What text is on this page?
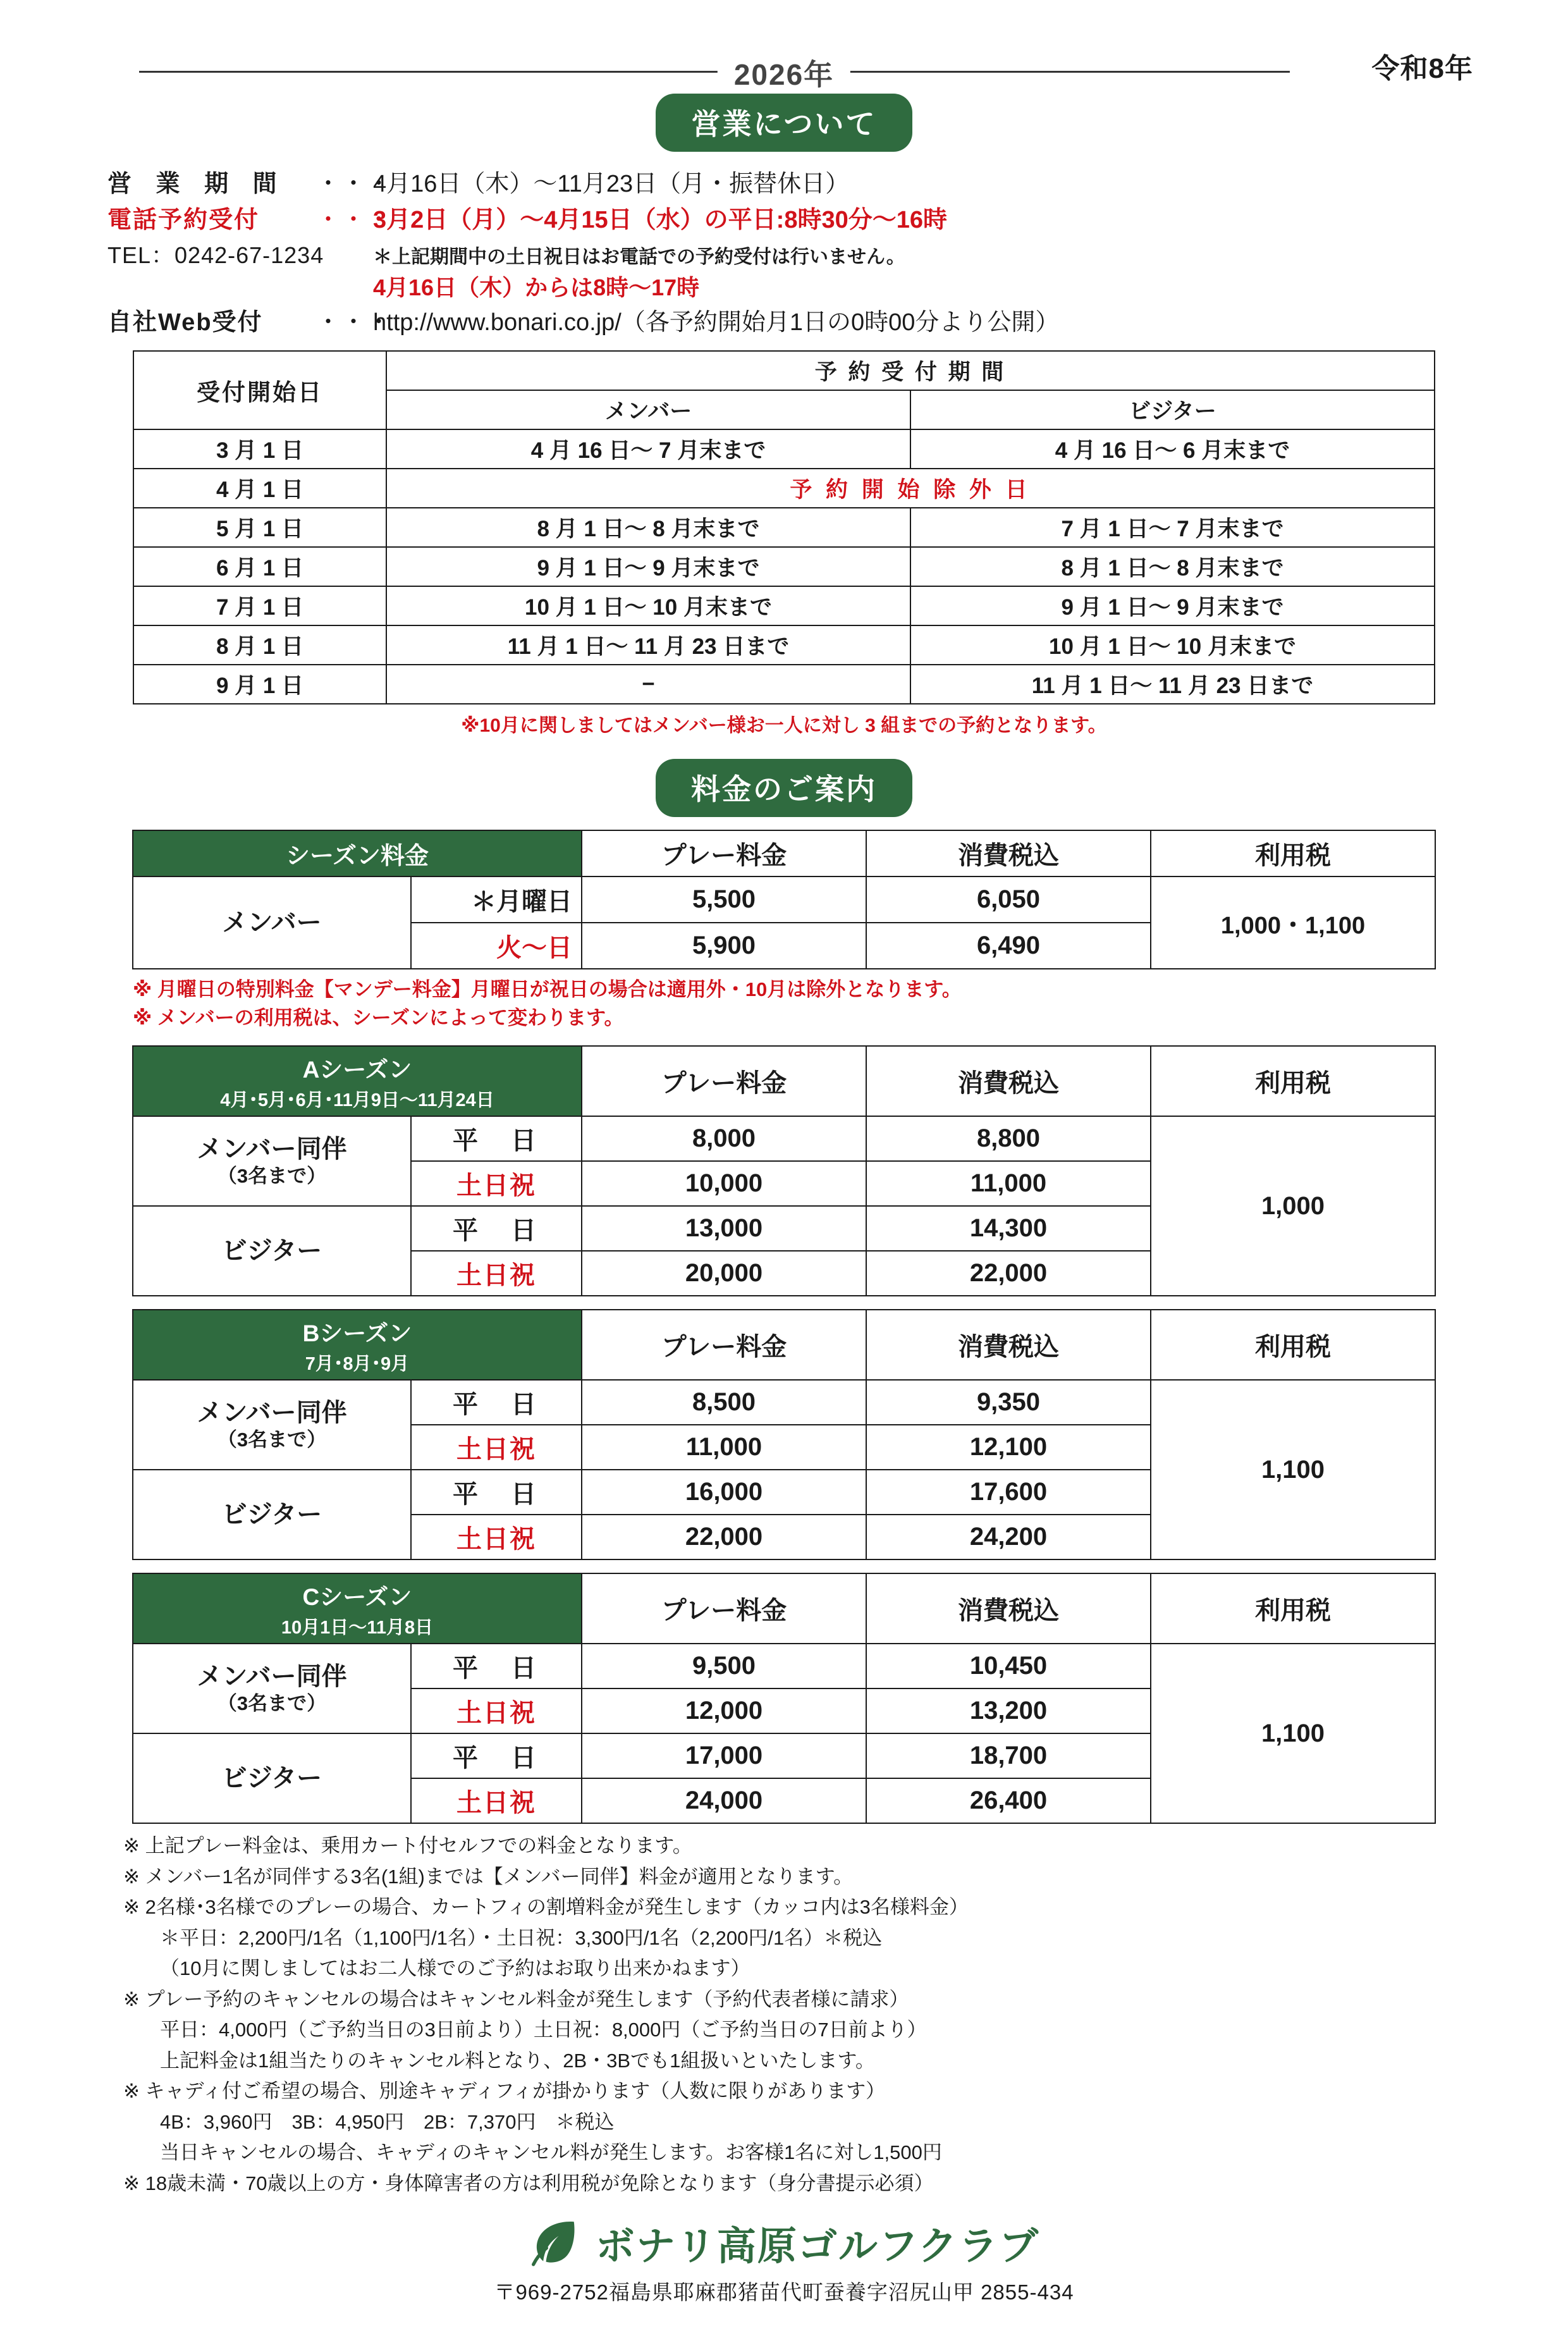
2026年	令和8年
営業について
営 業 期 間	・・・
4月16日（木）〜11月23日（月・振替休日）
電話予約受付	・・・
3月2日（月）〜4月15日（水）の平日:8時30分〜16時
TEL：0242-67-1234	＊上記期間中の土日祝日はお電話での予約受付は行いません。
4月16日（木）からは8時〜17時
自社Web受付	・・・
http://www.bonari.co.jp/（各予約開始月1日の0時00分より公開）
受付開始日	予 約 受 付 期 間	
	メンバー	ビジター
3 月 1 日	4 月 16 日〜 7 月末まで	4 月 16 日〜 6 月末まで
4 月 1 日	予 約 開 始 除 外 日	
5 月 1 日	8 月 1 日〜 8 月末まで	7 月 1 日〜 7 月末まで
6 月 1 日	9 月 1 日〜 9 月末まで	8 月 1 日〜 8 月末まで
7 月 1 日	10 月 1 日〜 10 月末まで	9 月 1 日〜 9 月末まで
8 月 1 日	11 月 1 日〜 11 月 23 日まで	10 月 1 日〜 10 月末まで
9 月 1 日	−	11 月 1 日〜 11 月 23 日まで
※10月に関しましてはメンバー様お一人に対し 3 組までの予約となります。
料金のご案内
シーズン料金		プレー料金	消費税込	利用税
メンバー	＊月曜日	5,500	6,050	1,000・1,100
	火〜日	5,900	6,490	
※ 月曜日の特別料金【マンデー料金】月曜日が祝日の場合は適用外・10月は除外となります。
※ メンバーの利用税は、シーズンによって変わります。
Aシーズン
4月･5月･6月･11月9日〜11月24日		プレー料金	消費税込	利用税
メンバー同伴
（3名まで）	平　日	8,000	8,800	1,000
	土日祝	10,000	11,000	
ビジター	平　日	13,000	14,300	
	土日祝	20,000	22,000	
Bシーズン
7月･8月･9月		プレー料金	消費税込	利用税
メンバー同伴
（3名まで）	平　日	8,500	9,350	1,100
	土日祝	11,000	12,100	
ビジター	平　日	16,000	17,600	
	土日祝	22,000	24,200	
Cシーズン
10月1日〜11月8日		プレー料金	消費税込	利用税
メンバー同伴
（3名まで）	平　日	9,500	10,450	1,100
	土日祝	12,000	13,200	
ビジター	平　日	17,000	18,700	
	土日祝	24,000	26,400	
※ 上記プレー料金は、乗用カート付セルフでの料金となります。
※ メンバー1名が同伴する3名(1組)までは【メンバー同伴】料金が適用となります。
※ 2名様･3名様でのプレーの場合、カートフィの割増料金が発生します（カッコ内は3名様料金）
＊平日：2,200円/1名（1,100円/1名）・土日祝：3,300円/1名（2,200円/1名）＊税込
（10月に関しましてはお二人様でのご予約はお取り出来かねます）
※ プレー予約のキャンセルの場合はキャンセル料金が発生します（予約代表者様に請求）
平日：4,000円（ご予約当日の3日前より）土日祝：8,000円（ご予約当日の7日前より）
上記料金は1組当たりのキャンセル料となり、2B・3Bでも1組扱いといたします。
※ キャディ付ご希望の場合、別途キャディフィが掛かります（人数に限りがあります）
4B：3,960円　3B：4,950円　2B：7,370円　＊税込
当日キャンセルの場合、キャディのキャンセル料が発生します。お客様1名に対し1,500円
※ 18歳未満・70歳以上の方・身体障害者の方は利用税が免除となります（身分書提示必須）
ボナリ高原ゴルフクラブ
〒969-2752福島県耶麻郡猪苗代町蚕養字沼尻山甲 2855-434
